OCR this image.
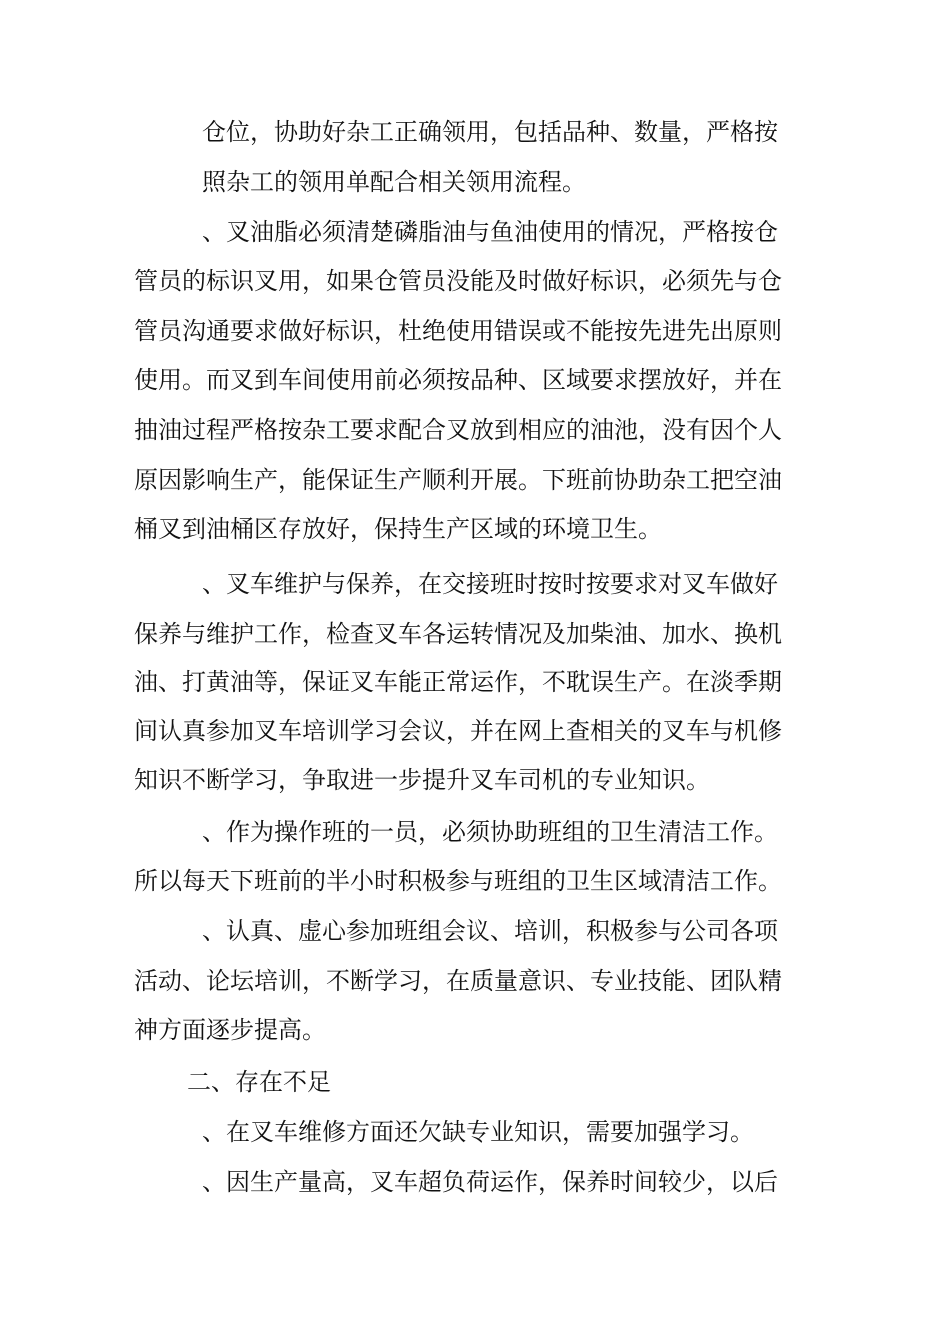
仓位，协助好杂工正确领用，包括品种、数量，严格按
照杂工的领用单配合相关领用流程。
、叉油脂必须清楚磷脂油与鱼油使用的情况，严格按仓
管员的标识叉用，如果仓管员没能及时做好标识，必须先与仓
管员沟通要求做好标识，杜绝使用错误或不能按先进先出原则
使用。而叉到车间使用前必须按品种、区域要求摆放好，并在
抽油过程严格按杂工要求配合叉放到相应的油池，没有因个人
原因影响生产，能保证生产顺利开展。下班前协助杂工把空油
桶叉到油桶区存放好，保持生产区域的环境卫生。
、叉车维护与保养，在交接班时按时按要求对叉车做好
保养与维护工作，检查叉车各运转情况及加柴油、加水、换机
油、打黄油等，保证叉车能正常运作，不耽误生产。在淡季期
间认真参加叉车培训学习会议，并在网上查相关的叉车与机修
知识不断学习，争取进一步提升叉车司机的专业知识。
、作为操作班的一员，必须协助班组的卫生清洁工作。
所以每天下班前的半小时积极参与班组的卫生区域清洁工作。
、认真、虚心参加班组会议、培训，积极参与公司各项
活动、论坛培训，不断学习，在质量意识、专业技能、团队精
神方面逐步提高。
二、存在不足
、在叉车维修方面还欠缺专业知识，需要加强学习。
、因生产量高，叉车超负荷运作，保养时间较少，以后
